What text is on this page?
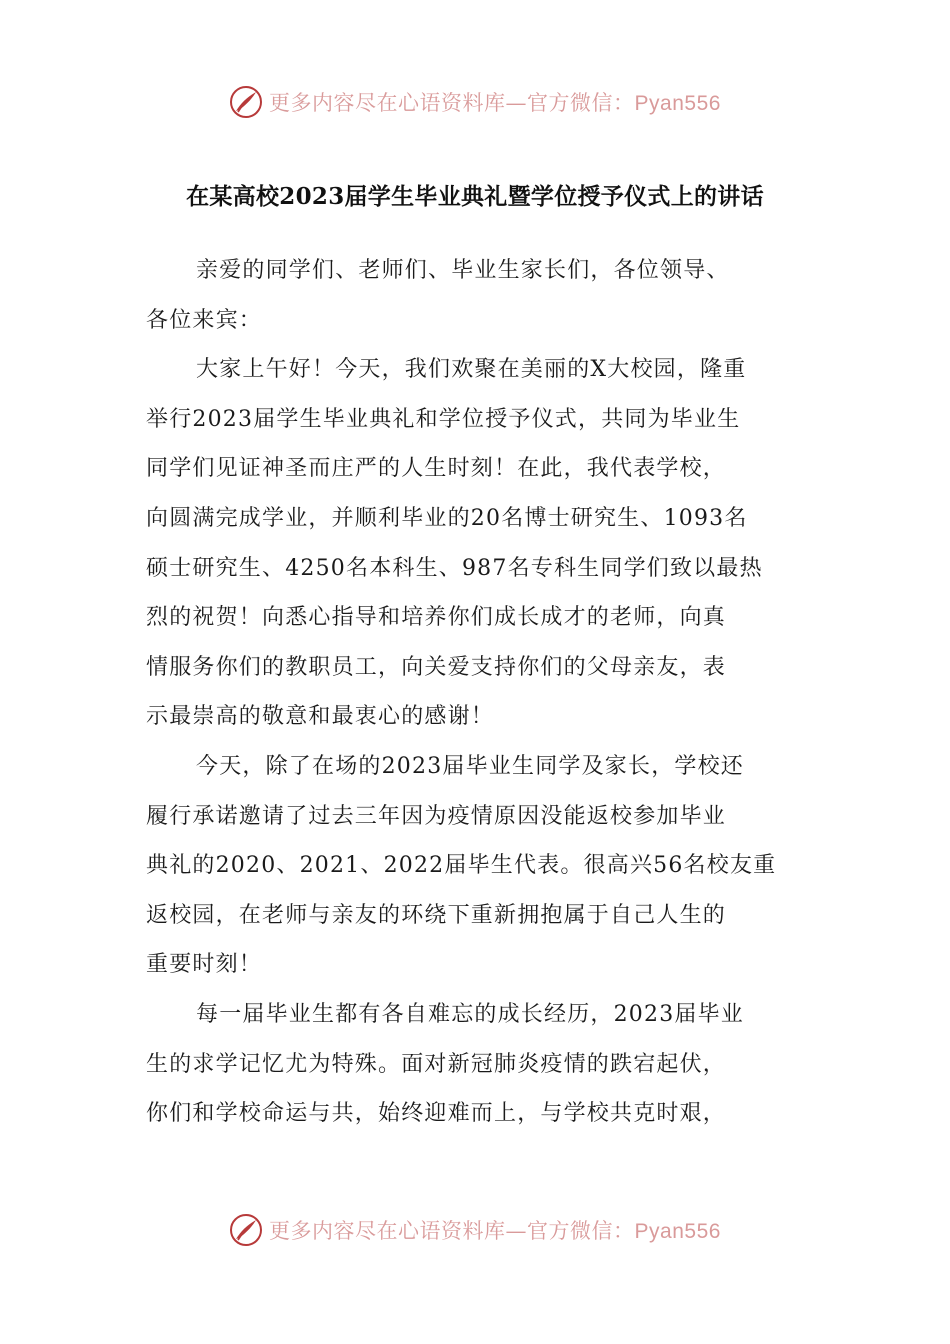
更多内容尽在心语资料库—官方微信：Pyan556
在某高校2023届学生毕业典礼暨学位授予仪式上的讲话
亲爱的同学们、老师们、毕业生家长们，各位领导、
各位来宾：
大家上午好！今天，我们欢聚在美丽的X大校园，隆重
举行2023届学生毕业典礼和学位授予仪式，共同为毕业生
同学们见证神圣而庄严的人生时刻！在此，我代表学校，
向圆满完成学业，并顺利毕业的20名博士研究生、1093名
硕士研究生、4250名本科生、987名专科生同学们致以最热
烈的祝贺！向悉心指导和培养你们成长成才的老师，向真
情服务你们的教职员工，向关爱支持你们的父母亲友，表
示最崇高的敬意和最衷心的感谢！
今天，除了在场的2023届毕业生同学及家长，学校还
履行承诺邀请了过去三年因为疫情原因没能返校参加毕业
典礼的2020、2021、2022届毕生代表。很高兴56名校友重
返校园，在老师与亲友的环绕下重新拥抱属于自己人生的
重要时刻！
每一届毕业生都有各自难忘的成长经历，2023届毕业
生的求学记忆尤为特殊。面对新冠肺炎疫情的跌宕起伏，
你们和学校命运与共，始终迎难而上，与学校共克时艰，
更多内容尽在心语资料库—官方微信：Pyan556
